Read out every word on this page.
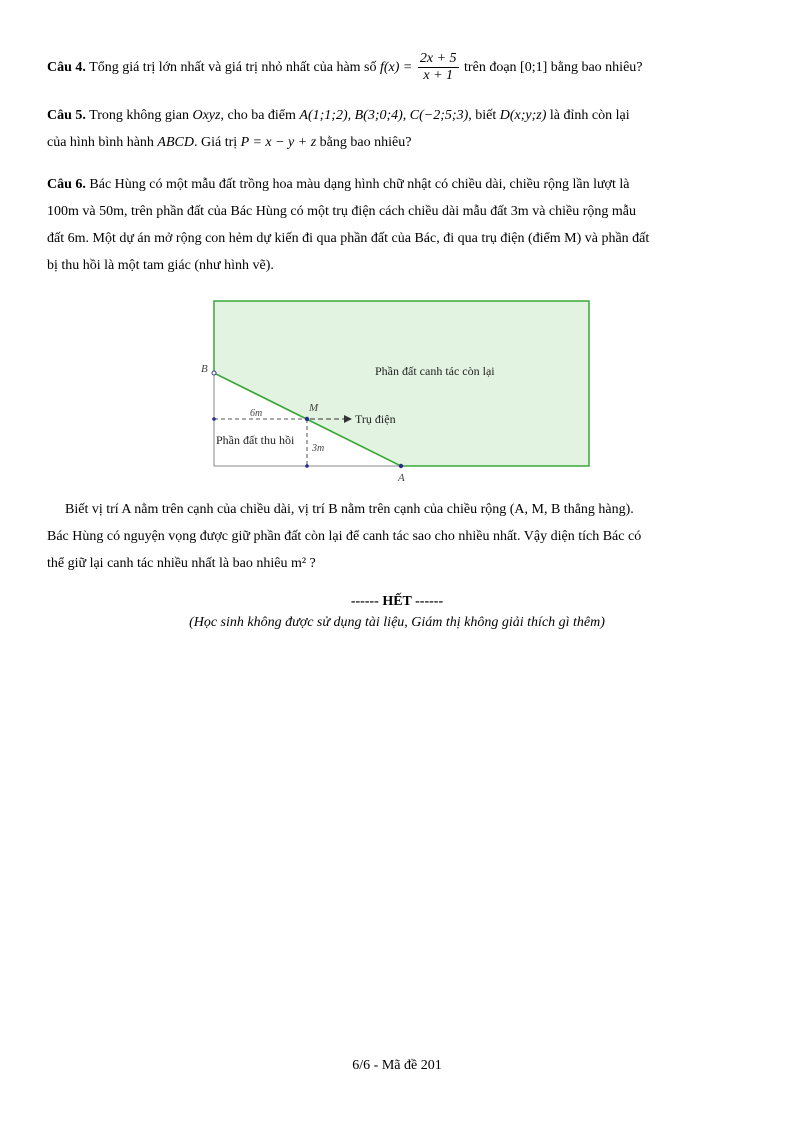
Câu 4. Tổng giá trị lớn nhất và giá trị nhỏ nhất của hàm số $f(x) = \frac{2x + 5}{x + 1}$ trên đoạn [0;1] bằng bao nhiêu?
Câu 5. Trong không gian Oxyz, cho ba điểm A(1;1;2), B(3;0;4), C(−2;5;3), biết D(x;y;z) là đỉnh còn lại
của hình bình hành ABCD. Giá trị P = x − y + z bằng bao nhiêu?
Câu 6. Bác Hùng có một mẫu đất trồng hoa màu dạng hình chữ nhật có chiều dài, chiều rộng lần lượt là
100m và 50m, trên phần đất của Bác Hùng có một trụ điện cách chiều dài mẫu đất 3m và chiều rộng mẫu
đất 6m. Một dự án mở rộng con hẻm dự kiến đi qua phần đất của Bác, đi qua trụ điện (điểm M) và phần đất
bị thu hồi là một tam giác (như hình vẽ).
B
A
M
6m
3m
Phần đất canh tác còn lại
Trụ điện
Phần đất thu hồi
Biết vị trí A nằm trên cạnh của chiều dài, vị trí B nằm trên cạnh của chiều rộng (A, M, B thẳng hàng).
Bác Hùng có nguyện vọng được giữ phần đất còn lại để canh tác sao cho nhiều nhất. Vậy diện tích Bác có
thể giữ lại canh tác nhiều nhất là bao nhiêu m² ?
------ HẾT ------
(Học sinh không được sử dụng tài liệu, Giám thị không giải thích gì thêm)
6/6 - Mã đề 201
